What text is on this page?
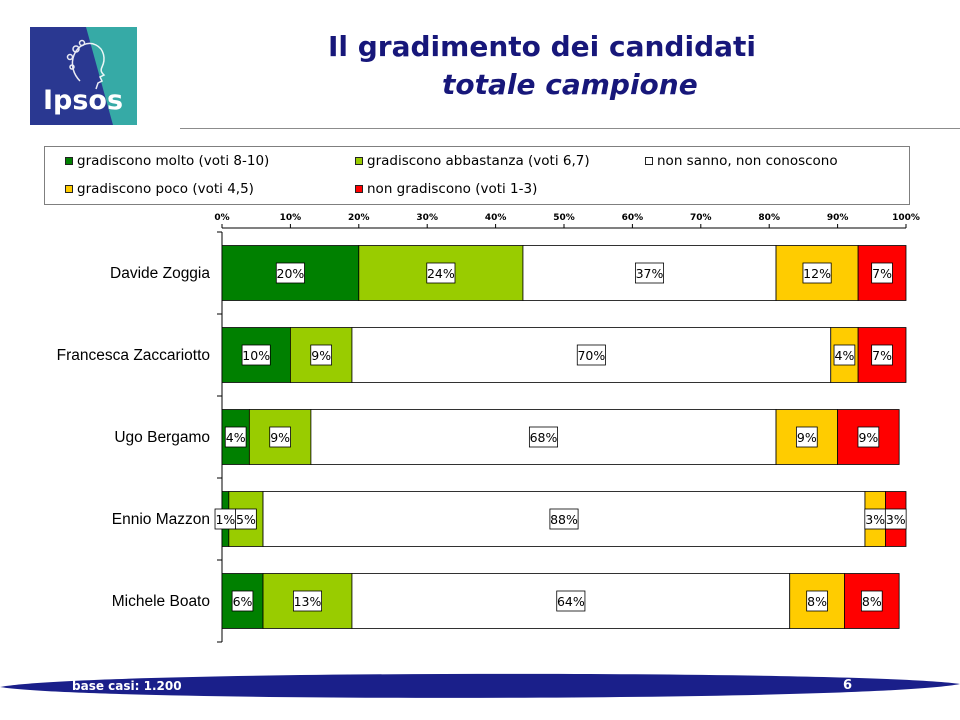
Ipsos
Il gradimento dei candidati
totale campione
gradiscono molto (voti 8-10)	gradiscono abbastanza (voti 6,7)	non sanno, non conoscono
gradiscono poco (voti 4,5)	non gradiscono (voti 1-3)
0%	10%	20%	30%	40%	50%	60%	70%	80%	90%	100%
Davide Zoggia	20%	24%	37%	12%	7%
Francesca Zaccariotto	10%	9%	70%	4% 7%
Ugo Bergamo 4% 9%	68%	9%	9%
Ennio Mazzon 1% 5%	88%	3% 3%
Michele Boato 6%	13%	64%	8%	8%
base casi: 1.200	6
